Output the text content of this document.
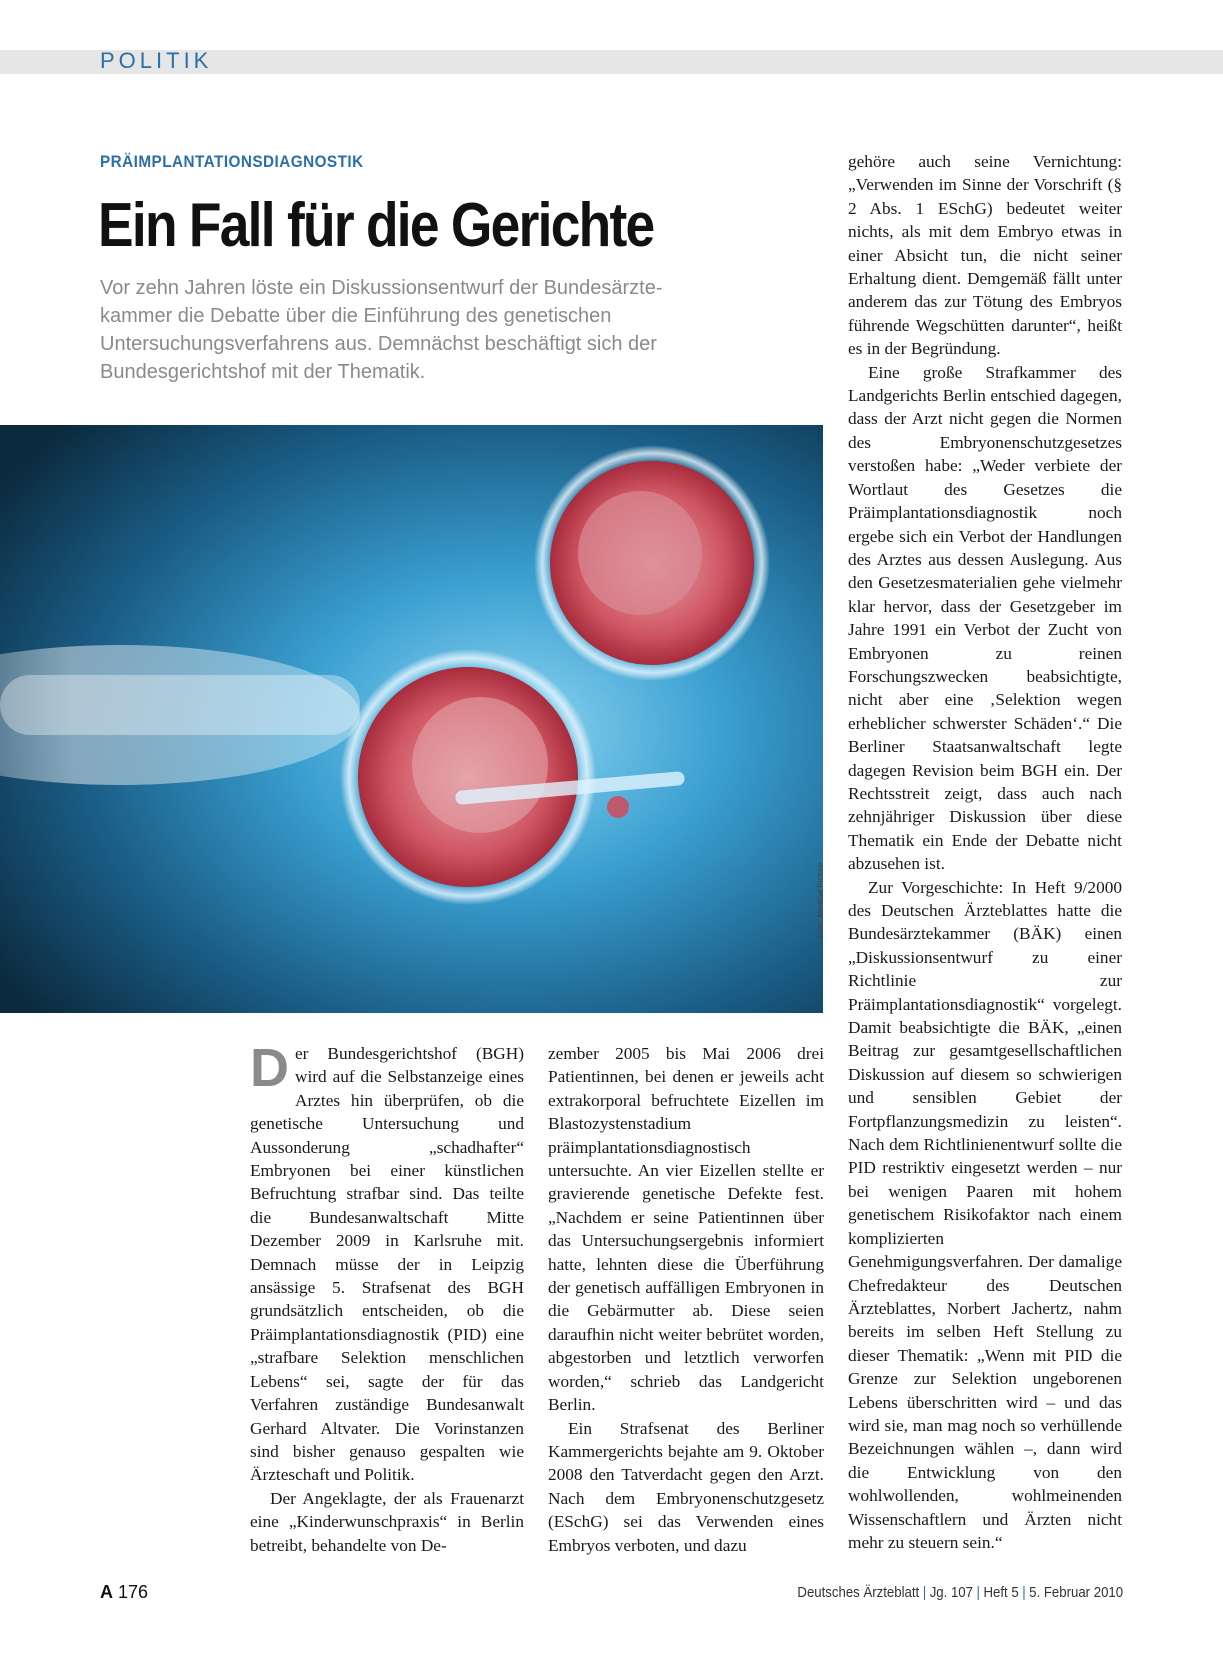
POLITIK
PRÄIMPLANTATIONSDIAGNOSTIK
Ein Fall für die Gerichte
Vor zehn Jahren löste ein Diskussionsentwurf der Bundesärzte-
kammer die Debatte über die Einführung des genetischen
Untersuchungsverfahrens aus. Demnächst beschäftigt sich der
Bundesgerichtshof mit der Thematik.
Foto: Medical Picture

Der Bundesgerichtshof (BGH) wird auf die Selbstanzeige eines Arztes hin überprüfen, ob die genetische Untersuchung und Aussonderung „schadhafter“ Embryonen bei einer künstlichen Befruchtung strafbar sind. Das teilte die Bundesanwaltschaft Mitte Dezember 2009 in Karlsruhe mit. Demnach müsse der in Leipzig ansässige 5. Strafsenat des BGH grundsätzlich entscheiden, ob die Präimplantationsdiagnostik (PID) eine „strafbare Selektion menschlichen Lebens“ sei, sagte der für das Verfahren zuständige Bundesanwalt Gerhard Altvater. Die Vorinstanzen sind bisher genauso gespalten wie Ärzteschaft und Politik.

Der Angeklagte, der als Frauenarzt eine „Kinderwunschpraxis“ in Berlin betreibt, behandelte von De-

zember 2005 bis Mai 2006 drei Patientinnen, bei denen er jeweils acht extrakorporal befruchtete Eizellen im Blastozystenstadium präimplantationsdiagnostisch untersuchte. An vier Eizellen stellte er gravierende genetische Defekte fest. „Nachdem er seine Patientinnen über das Untersuchungsergebnis informiert hatte, lehnten diese die Überführung der genetisch auffälligen Embryonen in die Gebärmutter ab. Diese seien daraufhin nicht weiter bebrütet worden, abgestorben und letztlich verworfen worden,“ schrieb das Landgericht Berlin.

Ein Strafsenat des Berliner Kammergerichts bejahte am 9. Oktober 2008 den Tatverdacht gegen den Arzt. Nach dem Embryonenschutzgesetz (ESchG) sei das Verwenden eines Embryos verboten, und dazu

gehöre auch seine Vernichtung: „Verwenden im Sinne der Vorschrift (§ 2 Abs. 1 ESchG) bedeutet weiter nichts, als mit dem Embryo etwas in einer Absicht tun, die nicht seiner Erhaltung dient. Demgemäß fällt unter anderem das zur Tötung des Embryos führende Wegschütten darunter“, heißt es in der Begründung.

Eine große Strafkammer des Landgerichts Berlin entschied dagegen, dass der Arzt nicht gegen die Normen des Embryonenschutzgesetzes verstoßen habe: „Weder verbiete der Wortlaut des Gesetzes die Präimplantationsdiagnostik noch ergebe sich ein Verbot der Handlungen des Arztes aus dessen Auslegung. Aus den Gesetzesmaterialien gehe vielmehr klar hervor, dass der Gesetzgeber im Jahre 1991 ein Verbot der Zucht von Embryonen zu reinen Forschungszwecken beabsichtigte, nicht aber eine ‚Selektion wegen erheblicher schwerster Schäden‘.“ Die Berliner Staatsanwaltschaft legte dagegen Revision beim BGH ein. Der Rechtsstreit zeigt, dass auch nach zehnjähriger Diskussion über diese Thematik ein Ende der Debatte nicht abzusehen ist.

Zur Vorgeschichte: In Heft 9/2000 des Deutschen Ärzteblattes hatte die Bundesärztekammer (BÄK) einen „Diskussionsentwurf zu einer Richtlinie zur Präimplantationsdiagnostik“ vorgelegt. Damit beabsichtigte die BÄK, „einen Beitrag zur gesamtgesellschaftlichen Diskussion auf diesem so schwierigen und sensiblen Gebiet der Fortpflanzungsmedizin zu leisten“. Nach dem Richtlinienentwurf sollte die PID restriktiv eingesetzt werden – nur bei wenigen Paaren mit hohem genetischem Risikofaktor nach einem komplizierten Genehmigungsverfahren. Der damalige Chefredakteur des Deutschen Ärzteblattes, Norbert Jachertz, nahm bereits im selben Heft Stellung zu dieser Thematik: „Wenn mit PID die Grenze zur Selektion ungeborenen Lebens überschritten wird – und das wird sie, man mag noch so verhüllende Bezeichnungen wählen –, dann wird die Entwicklung von den wohlwollenden, wohlmeinenden Wissenschaftlern und Ärzten nicht mehr zu steuern sein.“

A 176	Deutsches Ärzteblatt | Jg. 107 | Heft 5 | 5. Februar 2010
